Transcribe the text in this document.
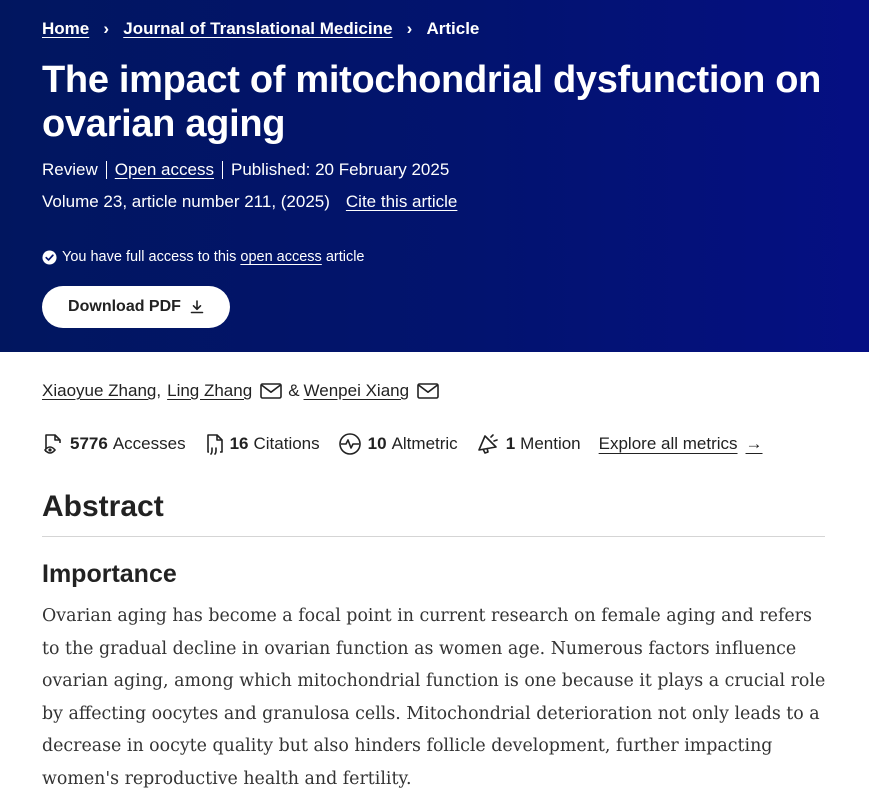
Home › Journal of Translational Medicine › Article
The impact of mitochondrial dysfunction on ovarian aging
Review Open access Published: 20 February 2025
Volume 23, article number 211, (2025) Cite this article
You have full access to this open access article
Download PDF
Xiaoyue Zhang , Ling Zhang & Wenpei Xiang
5776 Accesses	16 Citations	10 Altmetric	1 Mention Explore all metrics →
Abstract
Importance

Ovarian aging has become a focal point in current research on female aging and refers to the gradual decline in ovarian function as women age. Numerous factors influence ovarian aging, among which mitochondrial function is one because it plays a crucial role by affecting oocytes and granulosa cells. Mitochondrial deterioration not only leads to a decrease in oocyte quality but also hinders follicle development, further impacting women's reproductive health and fertility.
